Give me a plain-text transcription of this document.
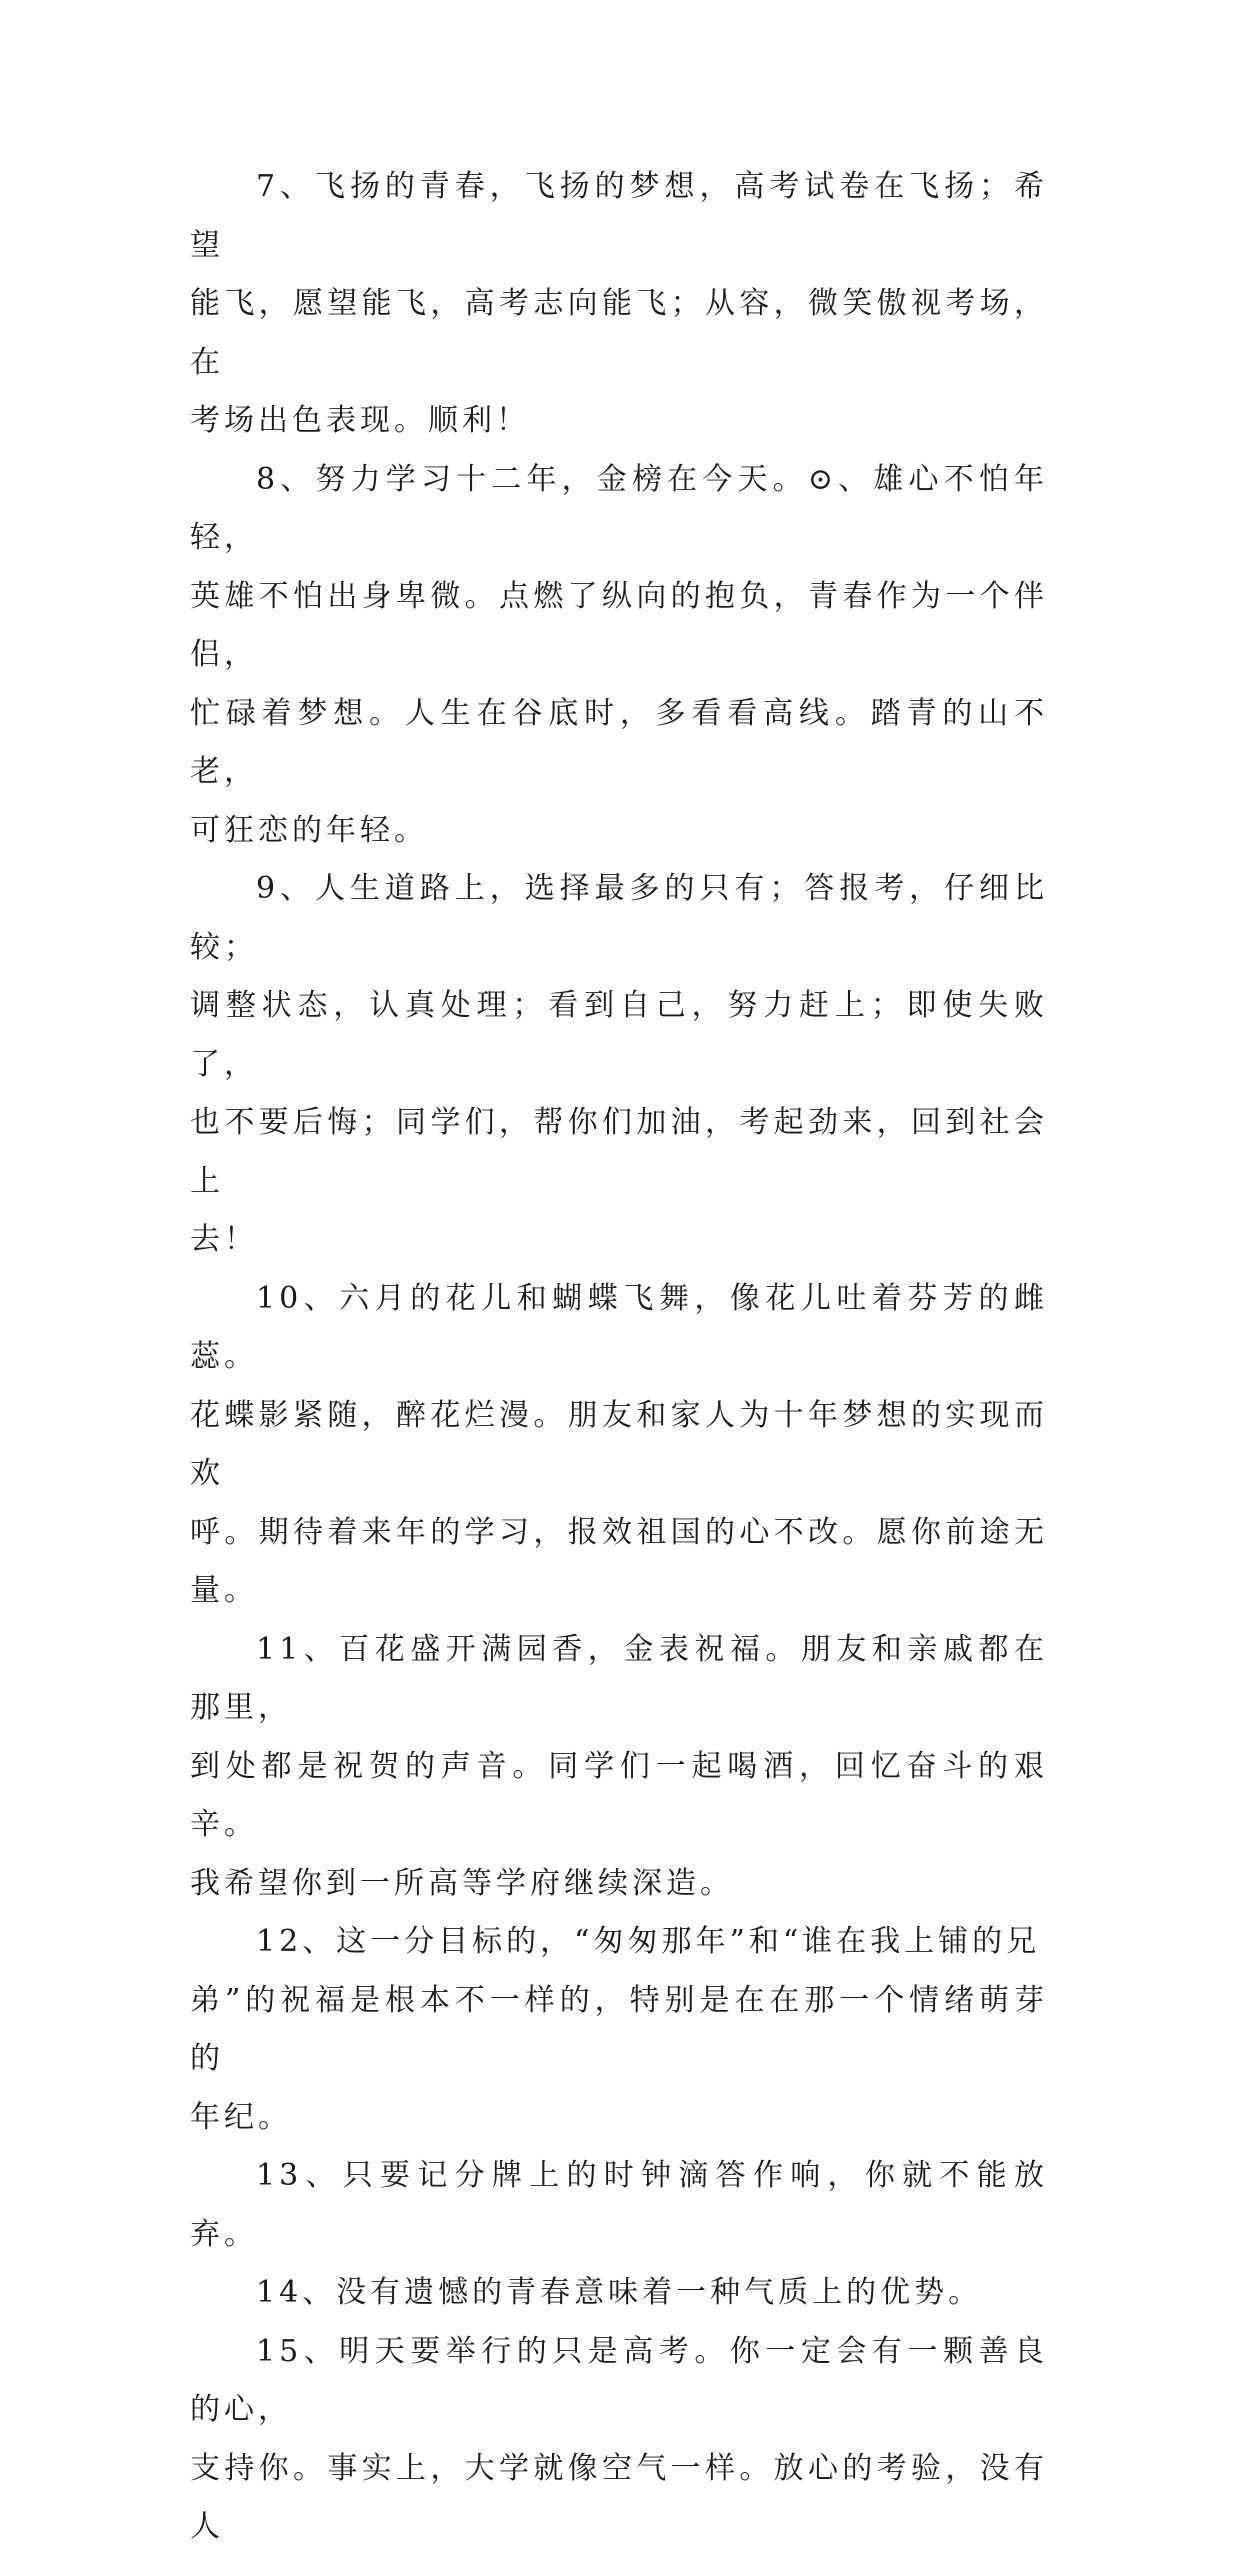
7、飞扬的青春，飞扬的梦想，高考试卷在飞扬；希望
能飞，愿望能飞，高考志向能飞；从容，微笑傲视考场，在
考场出色表现。顺利！

8、努力学习十二年，金榜在今天。⊙、雄心不怕年轻，
英雄不怕出身卑微。点燃了纵向的抱负，青春作为一个伴侣，
忙碌着梦想。人生在谷底时，多看看高线。踏青的山不老，
可狂恋的年轻。

9、人生道路上，选择最多的只有；答报考，仔细比较；
调整状态，认真处理；看到自己，努力赶上；即使失败了，
也不要后悔；同学们，帮你们加油，考起劲来，回到社会上
去！

10、六月的花儿和蝴蝶飞舞，像花儿吐着芬芳的雌蕊。
花蝶影紧随，醉花烂漫。朋友和家人为十年梦想的实现而欢
呼。期待着来年的学习，报效祖国的心不改。愿你前途无量。

11、百花盛开满园香，金表祝福。朋友和亲戚都在那里，
到处都是祝贺的声音。同学们一起喝酒，回忆奋斗的艰辛。
我希望你到一所高等学府继续深造。

12、这一分目标的，“匆匆那年”和“谁在我上铺的兄
弟”的祝福是根本不一样的，特别是在在那一个情绪萌芽的
年纪。

13、只要记分牌上的时钟滴答作响，你就不能放弃。

14、没有遗憾的青春意味着一种气质上的优势。

15、明天要举行的只是高考。你一定会有一颗善良的心，
支持你。事实上，大学就像空气一样。放心的考验，没有人
